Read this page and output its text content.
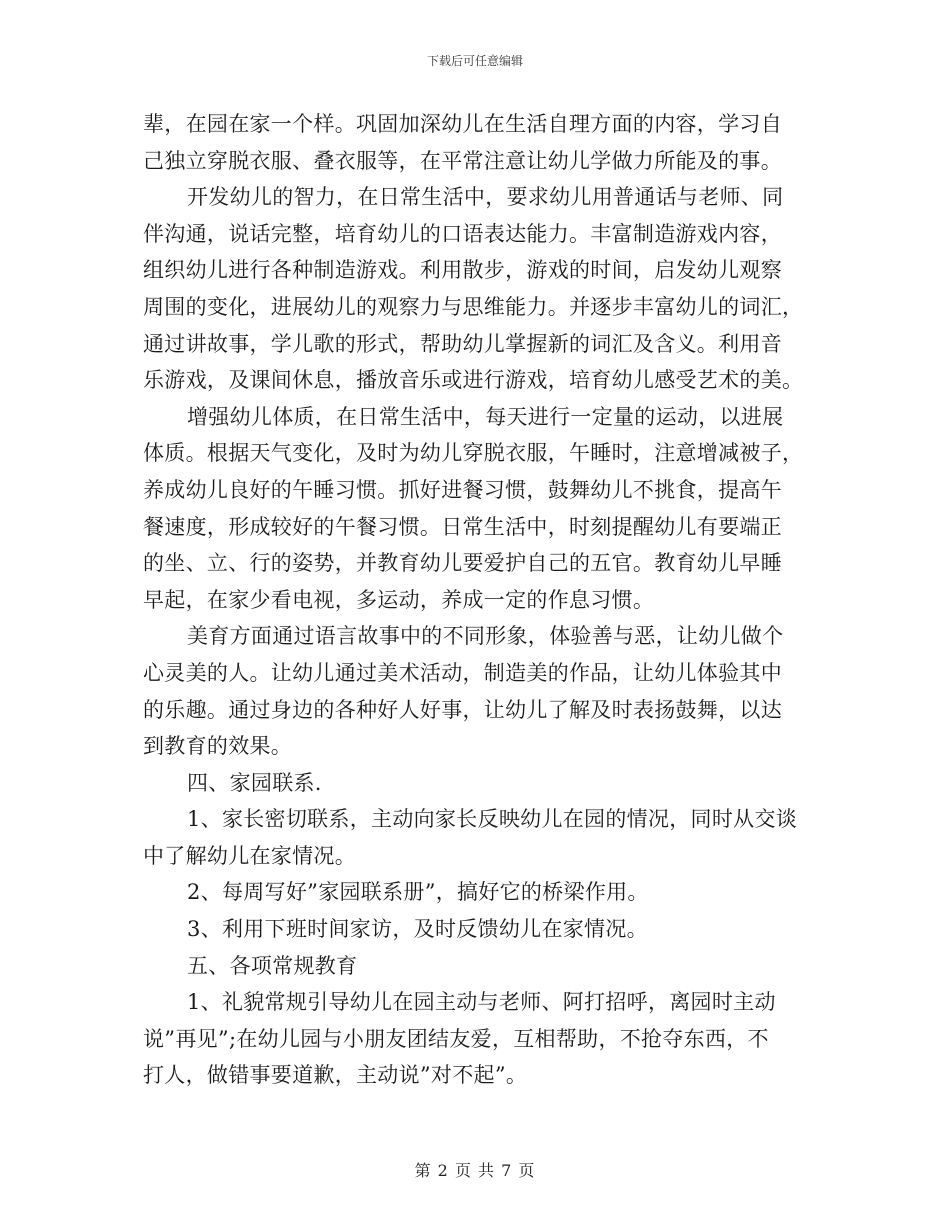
下载后可任意编辑
辈，在园在家一个样。巩固加深幼儿在生活自理方面的内容，学习自
己独立穿脱衣服、叠衣服等，在平常注意让幼儿学做力所能及的事。
开发幼儿的智力，在日常生活中，要求幼儿用普通话与老师、同
伴沟通，说话完整，培育幼儿的口语表达能力。丰富制造游戏内容，
组织幼儿进行各种制造游戏。利用散步，游戏的时间，启发幼儿观察
周围的变化，进展幼儿的观察力与思维能力。并逐步丰富幼儿的词汇，
通过讲故事，学儿歌的形式，帮助幼儿掌握新的词汇及含义。利用音
乐游戏，及课间休息，播放音乐或进行游戏，培育幼儿感受艺术的美。
增强幼儿体质，在日常生活中，每天进行一定量的运动，以进展
体质。根据天气变化，及时为幼儿穿脱衣服，午睡时，注意增减被子，
养成幼儿良好的午睡习惯。抓好进餐习惯，鼓舞幼儿不挑食，提高午
餐速度，形成较好的午餐习惯。日常生活中，时刻提醒幼儿有要端正
的坐、立、行的姿势，并教育幼儿要爱护自己的五官。教育幼儿早睡
早起，在家少看电视，多运动，养成一定的作息习惯。
美育方面通过语言故事中的不同形象，体验善与恶，让幼儿做个
心灵美的人。让幼儿通过美术活动，制造美的作品，让幼儿体验其中
的乐趣。通过身边的各种好人好事，让幼儿了解及时表扬鼓舞，以达
到教育的效果。
四、家园联系.
1、家长密切联系，主动向家长反映幼儿在园的情况，同时从交谈
中了解幼儿在家情况。
2、每周写好”家园联系册”，搞好它的桥梁作用。
3、利用下班时间家访，及时反馈幼儿在家情况。
五、各项常规教育
1、礼貌常规引导幼儿在园主动与老师、阿打招呼，离园时主动
说”再见”;在幼儿园与小朋友团结友爱，互相帮助，不抢夺东西，不
打人，做错事要道歉，主动说”对不起”。
第 2 页 共 7 页
